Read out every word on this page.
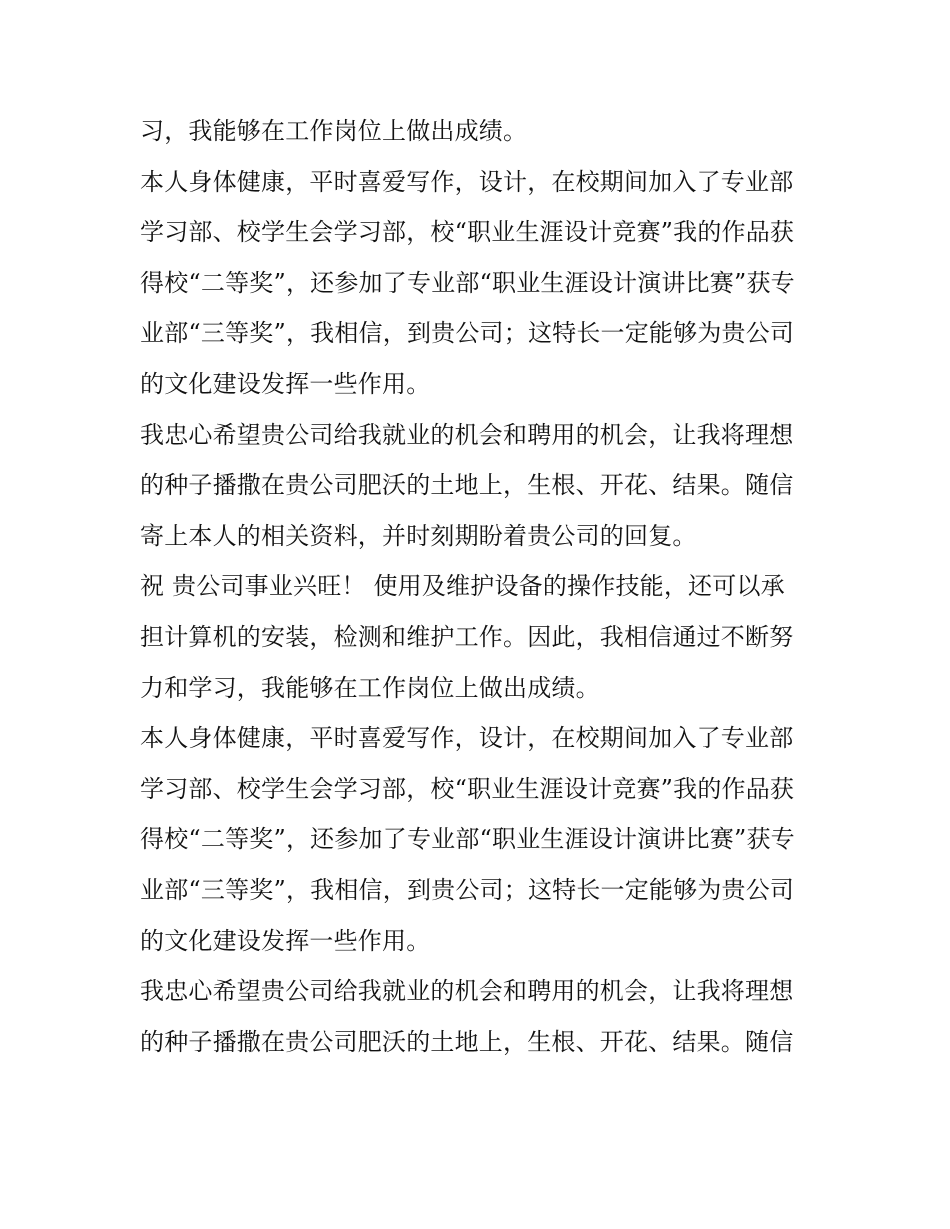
习，我能够在工作岗位上做出成绩。
本人身体健康，平时喜爱写作，设计，在校期间加入了专业部
学习部、校学生会学习部，校“职业生涯设计竞赛”我的作品获
得校“二等奖”，还参加了专业部“职业生涯设计演讲比赛”获专
业部“三等奖”，我相信，到贵公司；这特长一定能够为贵公司
的文化建设发挥一些作用。
我忠心希望贵公司给我就业的机会和聘用的机会，让我将理想
的种子播撒在贵公司肥沃的土地上，生根、开花、结果。随信
寄上本人的相关资料，并时刻期盼着贵公司的回复。
祝 贵公司事业兴旺！ 使用及维护设备的操作技能，还可以承
担计算机的安装，检测和维护工作。因此，我相信通过不断努
力和学习，我能够在工作岗位上做出成绩。
本人身体健康，平时喜爱写作，设计，在校期间加入了专业部
学习部、校学生会学习部，校“职业生涯设计竞赛”我的作品获
得校“二等奖”，还参加了专业部“职业生涯设计演讲比赛”获专
业部“三等奖”，我相信，到贵公司；这特长一定能够为贵公司
的文化建设发挥一些作用。
我忠心希望贵公司给我就业的机会和聘用的机会，让我将理想
的种子播撒在贵公司肥沃的土地上，生根、开花、结果。随信
